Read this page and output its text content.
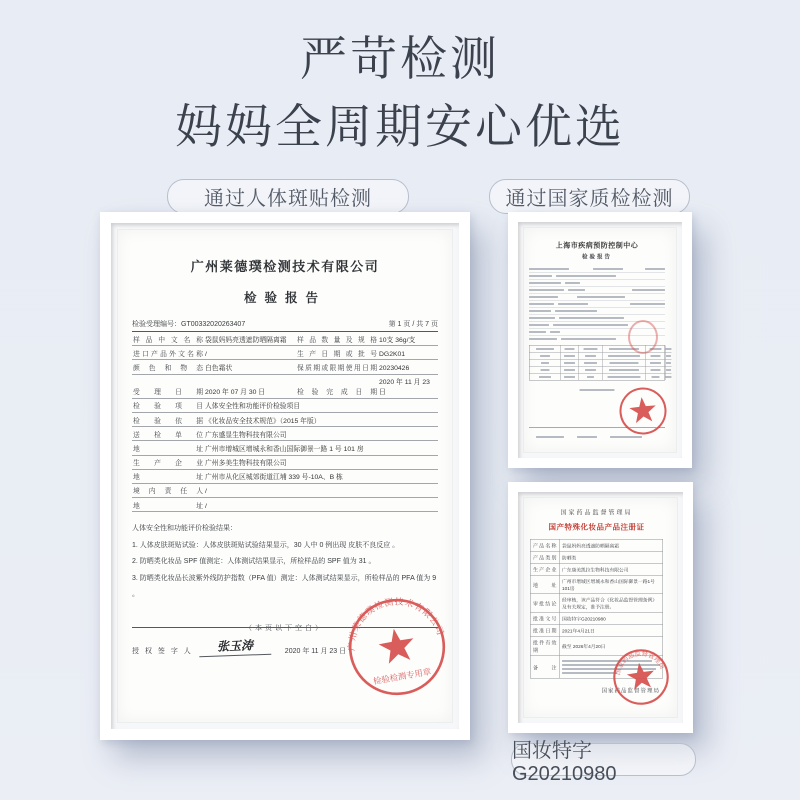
严苛检测
妈妈全周期安心优选
通过人体斑贴检测	通过国家质检检测
广州莱德璞检测技术有限公司
检验报告
检验受理编号：GT00332020263407	第 1 页 / 共 7 页
样品中文名称	袋鼠妈妈亮透遮防晒隔离霜	样品数量及规格	10支 36g/支
进口产品外文名称	/	生产日期或批号	DG2K01
颜色和物态	白色霜状	保质期或限期使用日期	20230426
受理日期	2020 年 07 月 30 日	检验完成日期	2020 年 11 月 23 日
检验项目	人体安全性和功能评价检验项目		
检验依据	《化妆品安全技术规范》（2015 年版）		
送检单位	广东盛显生物科技有限公司		
地址	广州市增城区增城永和香山国际御景一路 1 号 101 房		
生产企业	广州多美生物科技有限公司		
地址	广州市从化区城郊街道江埔 339 号-10A、B 栋		
境内责任人	/		
地址	/		

人体安全性和功能评价检验结果：

1. 人体皮肤斑贴试验：人体皮肤斑贴试验结果显示，30 人中 0 例出现 皮肤不良反应 。

2. 防晒类化妆品 SPF 值测定：人体测试结果显示，所检样品的 SPF 值为 31 。

3. 防晒类化妆品长波紫外线防护指数（PFA 值）测定：人体测试结果显示，所检样品的 PFA 值为 9 。

（本页以下空白）
授 权 签 字 人	张玉涛	2020 年 11 月 23 日
广州莱德璞检测技术有限公司
检验检测专用章
上海市疾病预防控制中心
检验报告
国家药品监督管理局
国产特殊化妆品产品注册证
产品名称	袋鼠妈妈亮透遮防晒隔离霜
产品类别	防晒类
生产企业	广东康美凯拉生物科技有限公司
地址	广州市增城区增城永和香山国际御景一路1号101房
审批结论	经审核，该产品符合《化妆品监督管理条例》及有关规定，准予注册。
批准文号	国妆特字G20210980
批准日期	2021年4月21日
批件有效期	截至 2026年4月20日
备注	
国家药品监督管理局
国家药品监督管理局
国妆特字G20210980
